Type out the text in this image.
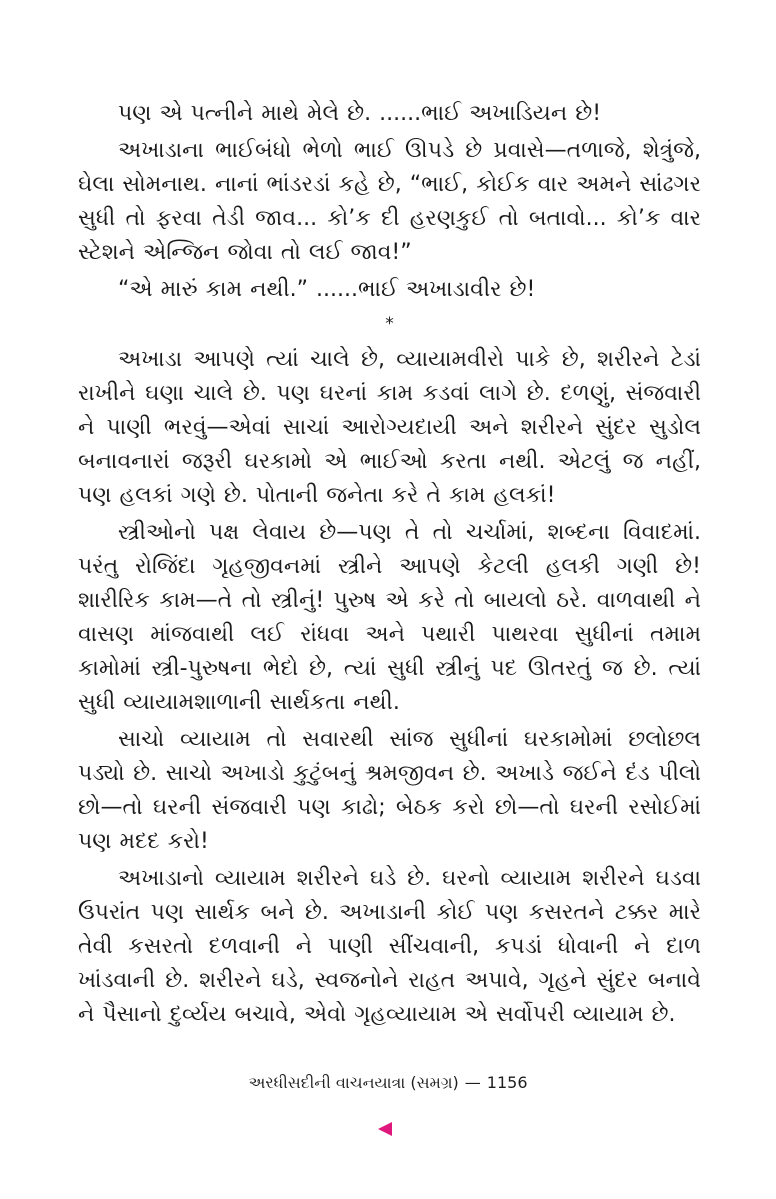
પણ એ પત્નીને માથે મેલે છે. ......ભાઈ અખાડિયન છે!

અખાડાના ભાઈબંધો ભેળો ભાઈ ઊપડે છે પ્રવાસે—તળાજે, શેત્રુંજે, ઘેલા સોમનાથ. નાનાં ભાંડરડાં કહે છે, “ભાઈ, કોઈક વાર અમને સાંઢગર સુધી તો ફરવા તેડી જાવ... કો’ક દી હરણકુઈ તો બતાવો... કો’ક વાર સ્ટેશને એન્જિન જોવા તો લઈ જાવ!”

“એ મારું કામ નથી.” ......ભાઈ અખાડાવીર છે!

*

અખાડા આપણે ત્યાં ચાલે છે, વ્યાયામવીરો પાકે છે, શરીરને ટેડાં રાખીને ઘણા ચાલે છે. પણ ઘરનાં કામ કડવાં લાગે છે. દળણું, સંજવારી ને પાણી ભરવું—એવાં સાચાં આરોગ્યદાયી અને શરીરને સુંદર સુડોલ બનાવનારાં જરૂરી ઘરકામો એ ભાઈઓ કરતા નથી. એટલું જ નહીં, પણ હલકાં ગણે છે. પોતાની જનેતા કરે તે કામ હલકાં!

સ્ત્રીઓનો પક્ષ લેવાય છે—પણ તે તો ચર્ચામાં, શબ્દના વિવાદમાં. પરંતુ રોજિંદા ગૃહજીવનમાં સ્ત્રીને આપણે કેટલી હલકી ગણી છે! શારીરિક કામ—તે તો સ્ત્રીનું! પુરુષ એ કરે તો બાયલો ઠરે. વાળવાથી ને વાસણ માંજવાથી લઈ રાંધવા અને પથારી પાથરવા સુધીનાં તમામ કામોમાં સ્ત્રી-પુરુષના ભેદો છે, ત્યાં સુધી સ્ત્રીનું પદ ઊતરતું જ છે. ત્યાં સુધી વ્યાયામશાળાની સાર્થકતા નથી.

સાચો વ્યાયામ તો સવારથી સાંજ સુધીનાં ઘરકામોમાં છલોછલ પડ્યો છે. સાચો અખાડો કુટુંબનું શ્રમજીવન છે. અખાડે જઈને દંડ પીલો છો—તો ઘરની સંજવારી પણ કાઢો; બેઠક કરો છો—તો ઘરની રસોઈમાં પણ મદદ કરો!

અખાડાનો વ્યાયામ શરીરને ઘડે છે. ઘરનો વ્યાયામ શરીરને ઘડવા ઉપરાંત પણ સાર્થક બને છે. અખાડાની કોઈ પણ કસરતને ટક્કર મારે તેવી કસરતો દળવાની ને પાણી સીંચવાની, કપડાં ધોવાની ને દાળ ખાંડવાની છે. શરીરને ઘડે, સ્વજનોને રાહત અપાવે, ગૃહને સુંદર બનાવે ને પૈસાનો દુર્વ્યય બચાવે, એવો ગૃહવ્યાયામ એ સર્વોપરી વ્યાયામ છે.

અરધીસદીની વાચનયાત્રા (સમગ્ર) — 1156
